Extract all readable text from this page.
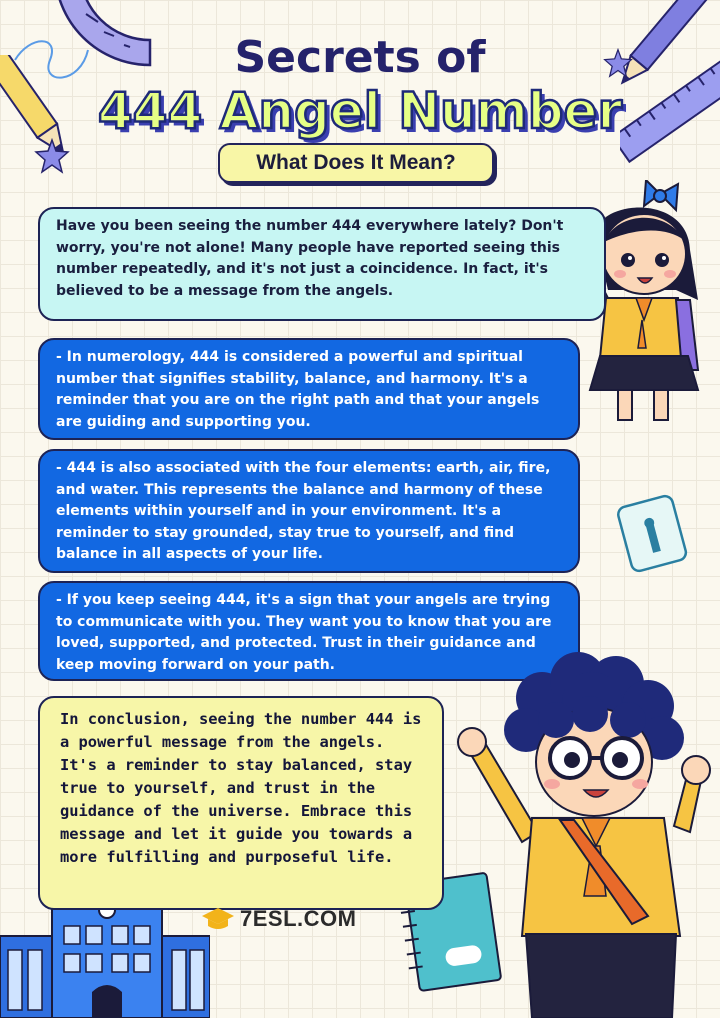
Secrets of
444 Angel Number
What Does It Mean?
Have you been seeing the number 444 everywhere lately? Don't worry, you're not alone! Many people have reported seeing this number repeatedly, and it's not just a coincidence. In fact, it's believed to be a message from the angels.
- In numerology, 444 is considered a powerful and spiritual number that signifies stability, balance, and harmony. It's a reminder that you are on the right path and that your angels are guiding and supporting you.
- 444 is also associated with the four elements: earth, air, fire, and water. This represents the balance and harmony of these elements within yourself and in your environment. It's a reminder to stay grounded, stay true to yourself, and find balance in all aspects of your life.
- If you keep seeing 444, it's a sign that your angels are trying to communicate with you. They want you to know that you are loved, supported, and protected. Trust in their guidance and keep moving forward on your path.
In conclusion, seeing the number 444 is a powerful message from the angels. It's a reminder to stay balanced, stay true to yourself, and trust in the guidance of the universe. Embrace this message and let it guide you towards a more fulfilling and purposeful life.
7ESL.COM
